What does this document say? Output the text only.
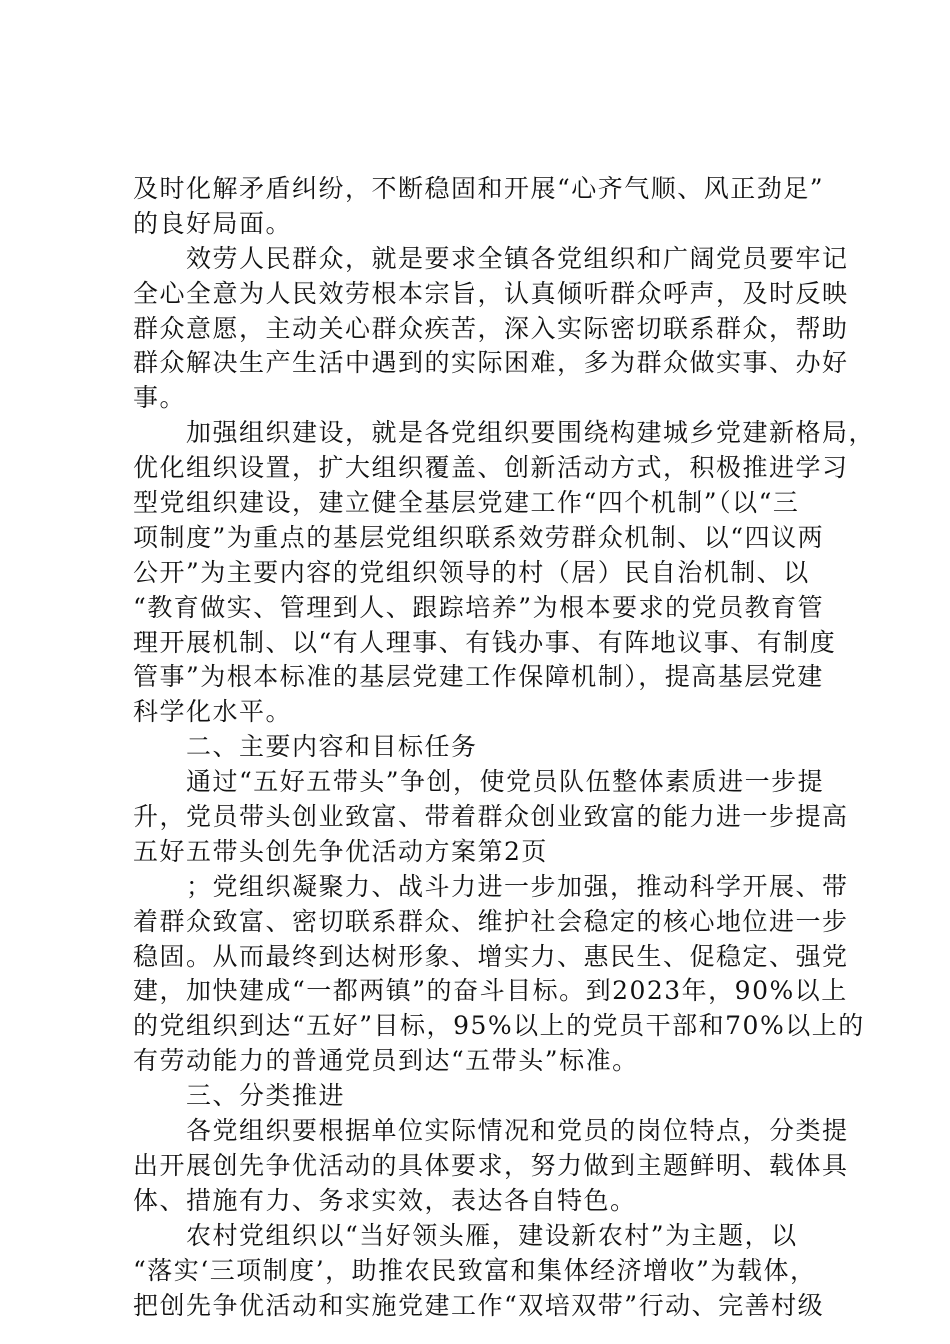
及时化解矛盾纠纷，不断稳固和开展“心齐气顺、风正劲足”
的良好局面。
效劳人民群众，就是要求全镇各党组织和广阔党员要牢记
全心全意为人民效劳根本宗旨，认真倾听群众呼声，及时反映
群众意愿，主动关心群众疾苦，深入实际密切联系群众，帮助
群众解决生产生活中遇到的实际困难，多为群众做实事、办好
事。
加强组织建设，就是各党组织要围绕构建城乡党建新格局，
优化组织设置，扩大组织覆盖、创新活动方式，积极推进学习
型党组织建设，建立健全基层党建工作“四个机制”（以“三
项制度”为重点的基层党组织联系效劳群众机制、以“四议两
公开”为主要内容的党组织领导的村（居）民自治机制、以
“教育做实、管理到人、跟踪培养”为根本要求的党员教育管
理开展机制、以“有人理事、有钱办事、有阵地议事、有制度
管事”为根本标准的基层党建工作保障机制），提高基层党建
科学化水平。
二、主要内容和目标任务
通过“五好五带头”争创，使党员队伍整体素质进一步提
升，党员带头创业致富、带着群众创业致富的能力进一步提高
五好五带头创先争优活动方案第2页
；党组织凝聚力、战斗力进一步加强，推动科学开展、带
着群众致富、密切联系群众、维护社会稳定的核心地位进一步
稳固。从而最终到达树形象、增实力、惠民生、促稳定、强党
建，加快建成“一都两镇”的奋斗目标。到2023年，90%以上
的党组织到达“五好”目标，95%以上的党员干部和70%以上的
有劳动能力的普通党员到达“五带头”标准。
三、分类推进
各党组织要根据单位实际情况和党员的岗位特点，分类提
出开展创先争优活动的具体要求，努力做到主题鲜明、载体具
体、措施有力、务求实效，表达各自特色。
农村党组织以“当好领头雁，建设新农村”为主题，以
“落实‘三项制度’，助推农民致富和集体经济增收”为载体，
把创先争优活动和实施党建工作“双培双带”行动、完善村级
